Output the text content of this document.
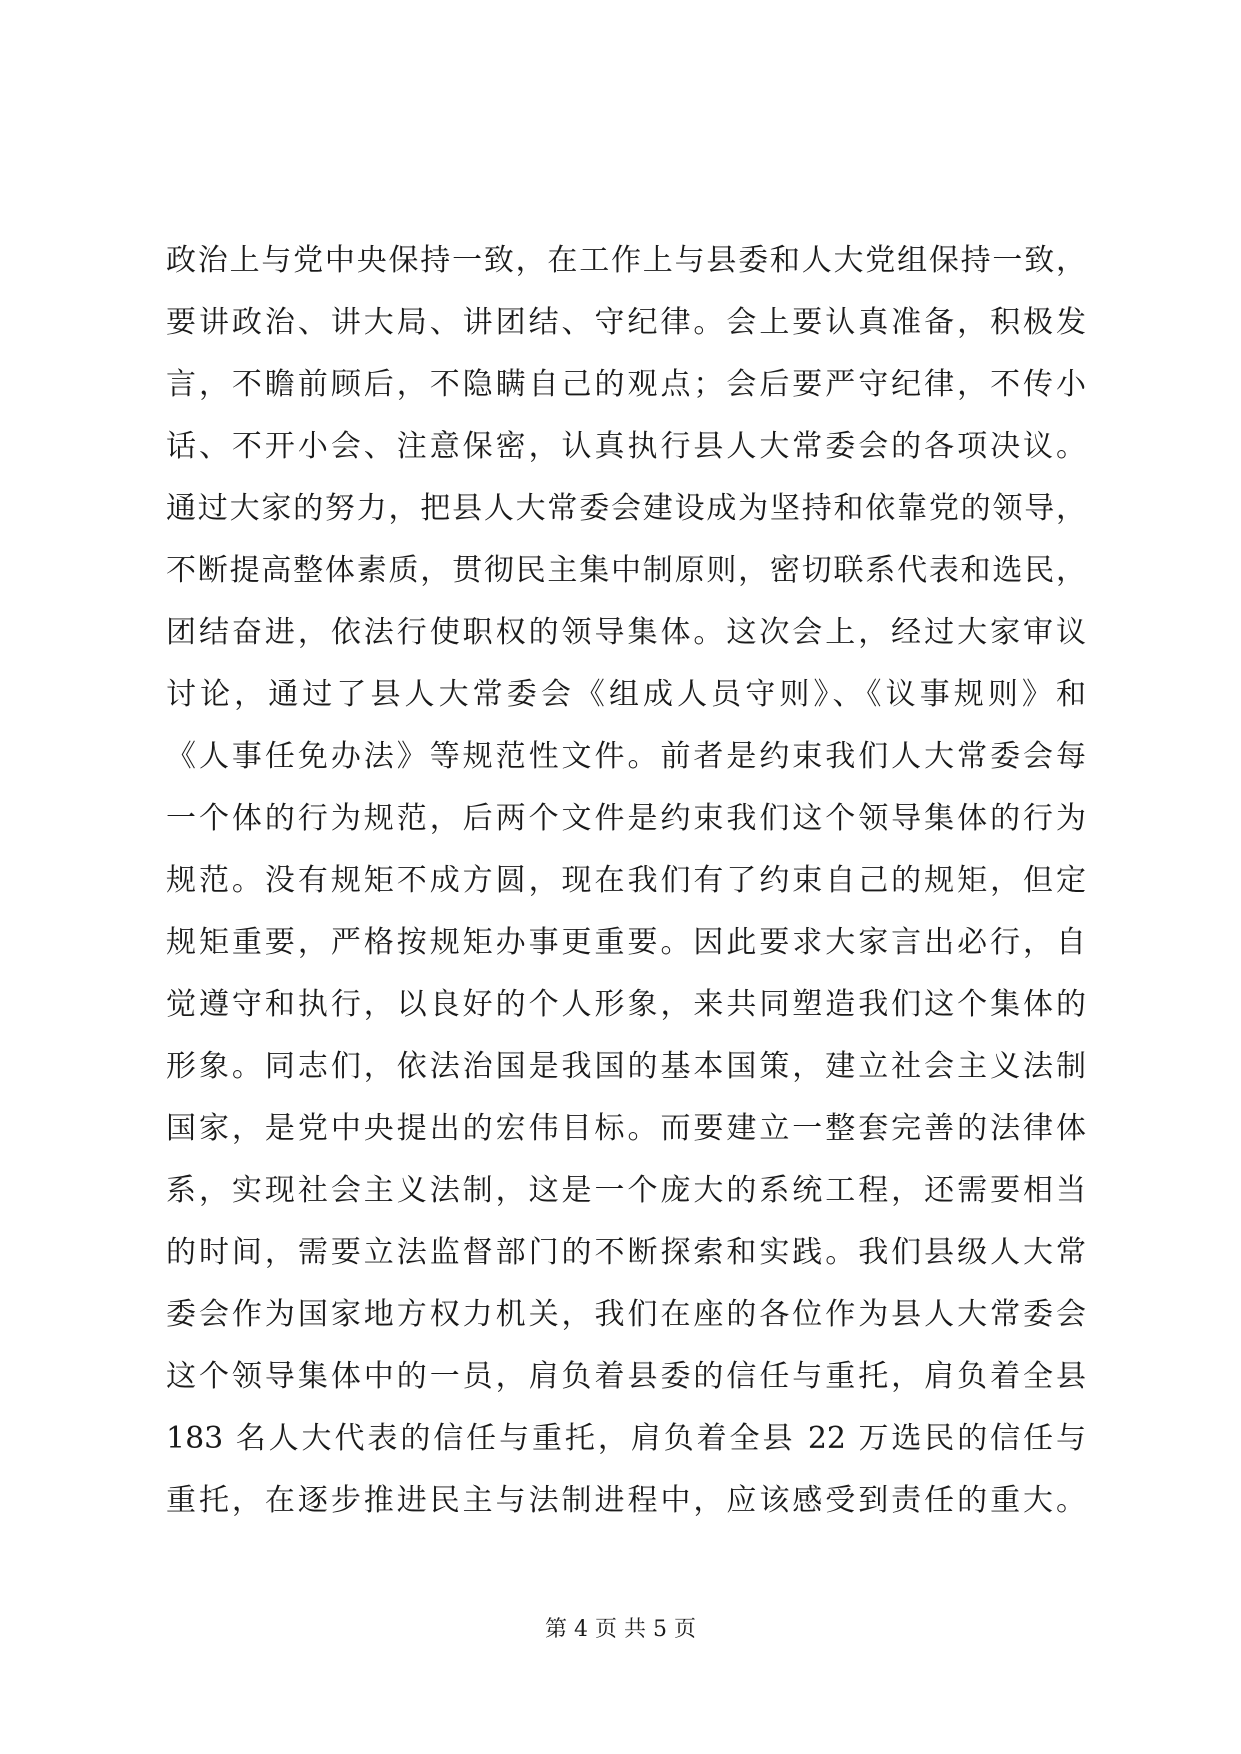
政治上与党中央保持一致，在工作上与县委和人大党组保持一致，
要讲政治、讲大局、讲团结、守纪律。会上要认真准备，积极发
言，不瞻前顾后，不隐瞒自己的观点；会后要严守纪律，不传小
话、不开小会、注意保密，认真执行县人大常委会的各项决议。
通过大家的努力，把县人大常委会建设成为坚持和依靠党的领导，
不断提高整体素质，贯彻民主集中制原则，密切联系代表和选民，
团结奋进，依法行使职权的领导集体。这次会上，经过大家审议
讨论，通过了县人大常委会《组成人员守则》、《议事规则》和
《人事任免办法》等规范性文件。前者是约束我们人大常委会每
一个体的行为规范，后两个文件是约束我们这个领导集体的行为
规范。没有规矩不成方圆，现在我们有了约束自己的规矩，但定
规矩重要，严格按规矩办事更重要。因此要求大家言出必行，自
觉遵守和执行，以良好的个人形象，来共同塑造我们这个集体的
形象。同志们，依法治国是我国的基本国策，建立社会主义法制
国家，是党中央提出的宏伟目标。而要建立一整套完善的法律体
系，实现社会主义法制，这是一个庞大的系统工程，还需要相当
的时间，需要立法监督部门的不断探索和实践。我们县级人大常
委会作为国家地方权力机关，我们在座的各位作为县人大常委会
这个领导集体中的一员，肩负着县委的信任与重托，肩负着全县
183 名人大代表的信任与重托，肩负着全县 22 万选民的信任与
重托，在逐步推进民主与法制进程中，应该感受到责任的重大。
第 4 页 共 5 页
